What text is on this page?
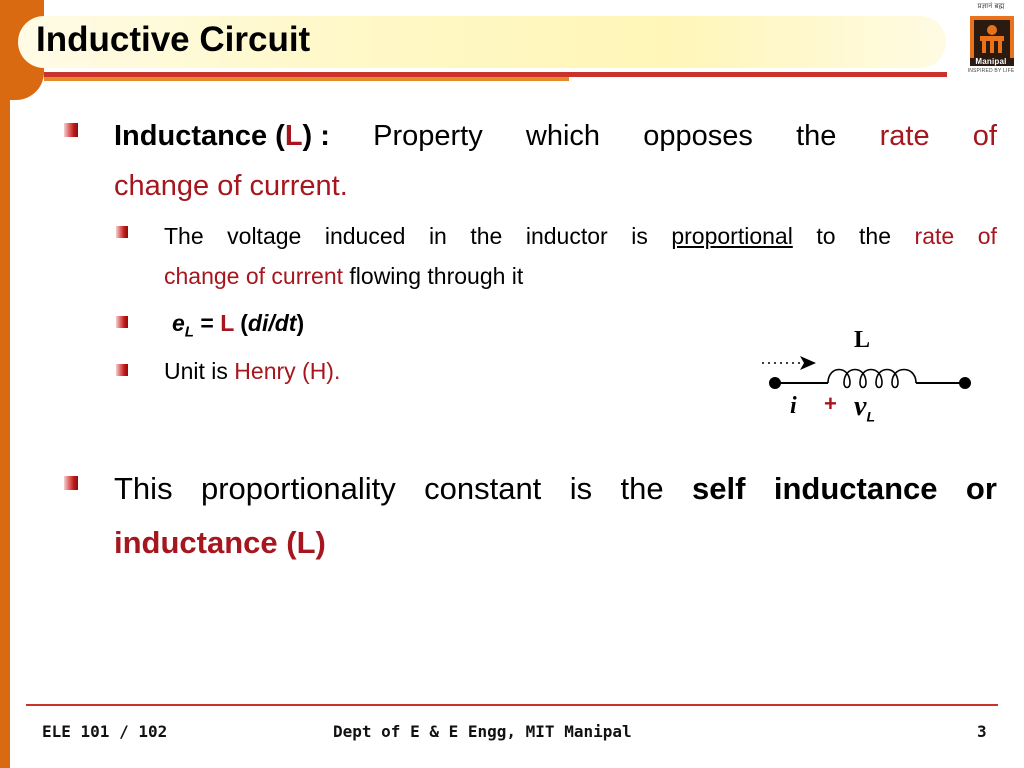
Inductive Circuit
प्रज्ञानं ब्रह्म
Manipal
INSPIRED BY LIFE
Inductance (L) : Property which opposes the rate of
change of current.
The voltage induced in the inductor is proportional to the rate of
change of current flowing through it
$e_L = L$ (di/dt)
Unit is Henry (H).
L
$i + v_L$
This proportionality constant is the self inductance or
inductance (L)
ELE 101 / 102	Dept of E & E Engg, MIT Manipal	3
